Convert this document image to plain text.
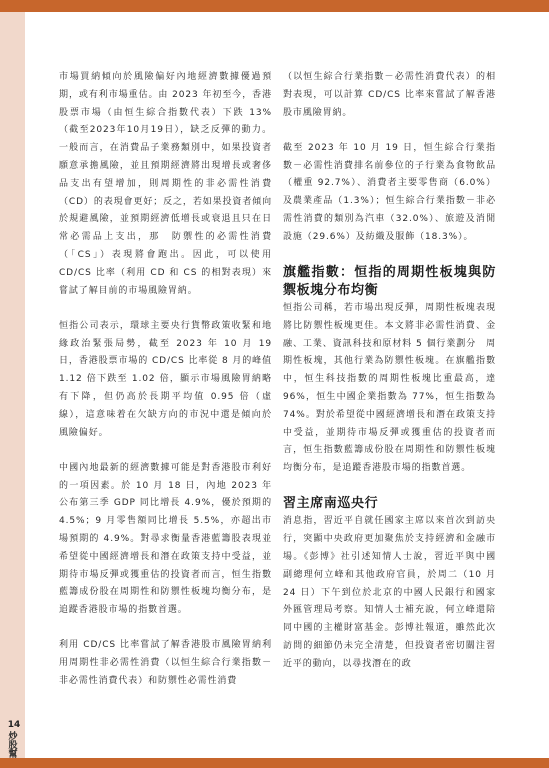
14
炒股幫

市場買納傾向於風險偏好內地經濟數據優過預期，或有利市場重估。由 2023 年初至今，香港股票市場（由恒生綜合指數代表）下跌 13%（截至2023年10月19日），缺乏反彈的動力。一般而言，在消費品子業務類別中，如果投資者願意承擔風險，並且預期經濟將出現增長或奢侈品支出有望增加，則周期性的非必需性消費（CD）的表現會更好；反之，若如果投資者傾向於規避風險，並預期經濟低增長或衰退且只在日常必需品上支出，那　防禦性的必需性消費（「CS」）表現將會跑出。因此，可以使用 CD/CS 比率（利用 CD 和 CS 的相對表現）來嘗試了解目前的市場風險胃納。

恒指公司表示，環球主要央行貨幣政策收緊和地緣政治緊張局勢，截至 2023 年 10 月 19 日，香港股票市場的 CD/CS 比率從 8 月的峰值 1.12 倍下跌至 1.02 倍，顯示市場風險胃納略有下降，但仍高於長期平均值 0.95 倍（虛線），這意味着在欠缺方向的市況中還是傾向於風險偏好。

中國內地最新的經濟數據可能是對香港股市利好的一項因素。於 10 月 18 日，內地 2023 年公布第三季 GDP 同比增長 4.9%，優於預期的 4.5%；9 月零售額同比增長 5.5%，亦超出市場預期的 4.9%。對尋求衡量香港藍籌股表現並希望從中國經濟增長和潛在政策支持中受益，並期待市場反彈或獲重估的投資者而言，恒生指數藍籌成份股在周期性和防禦性板塊均衡分布，是追蹤香港股市場的指數首選。

利用 CD/CS 比率嘗試了解香港股市風險胃納利用周期性非必需性消費（以恒生綜合行業指數－非必需性消費代表）和防禦性必需性消費

（以恒生綜合行業指數－必需性消費代表）的相對表現，可以計算 CD/CS 比率來嘗試了解香港股市風險胃納。

截至 2023 年 10 月 19 日，恒生綜合行業指數－必需性消費排名前參位的子行業為食物飲品（權重 92.7%）、消費者主要零售商（6.0%）及農業產品（1.3%）；恒生綜合行業指數－非必需性消費的類別為汽車（32.0%）、旅遊及消閒設施（29.6%）及紡織及服飾（18.3%）。

旗艦指數：恒指的周期性板塊與防禦板塊分布均衡

恒指公司稱，若市場出現反彈，周期性板塊表現將比防禦性板塊更佳。本文將非必需性消費、金融、工業、資訊科技和原材料 5 個行業劃分　周期性板塊，其他行業為防禦性板塊。在旗艦指數中，恒生科技指數的周期性板塊比重最高，達 96%，恒生中國企業指數為 77%，恒生指數為 74%。對於希望從中國經濟增長和潛在政策支持中受益，並期待市場反彈或獲重估的投資者而言，恒生指數藍籌成份股在周期性和防禦性板塊均衡分布，是追蹤香港股市場的指數首選。

習主席南巡央行

消息指，習近平自就任國家主席以來首次到訪央行，突顯中央政府更加聚焦於支持經濟和金融市場。《彭博》社引述知情人士說，習近平與中國副總理何立峰和其他政府官員，於周二（10 月 24 日）下午到位於北京的中國人民銀行和國家外匯管理局考察。知情人士補充說，何立峰還陪同中國的主權財富基金。彭博社報道，雖然此次訪問的細節仍未完全清楚，但投資者密切關注習近平的動向，以尋找潛在的政
